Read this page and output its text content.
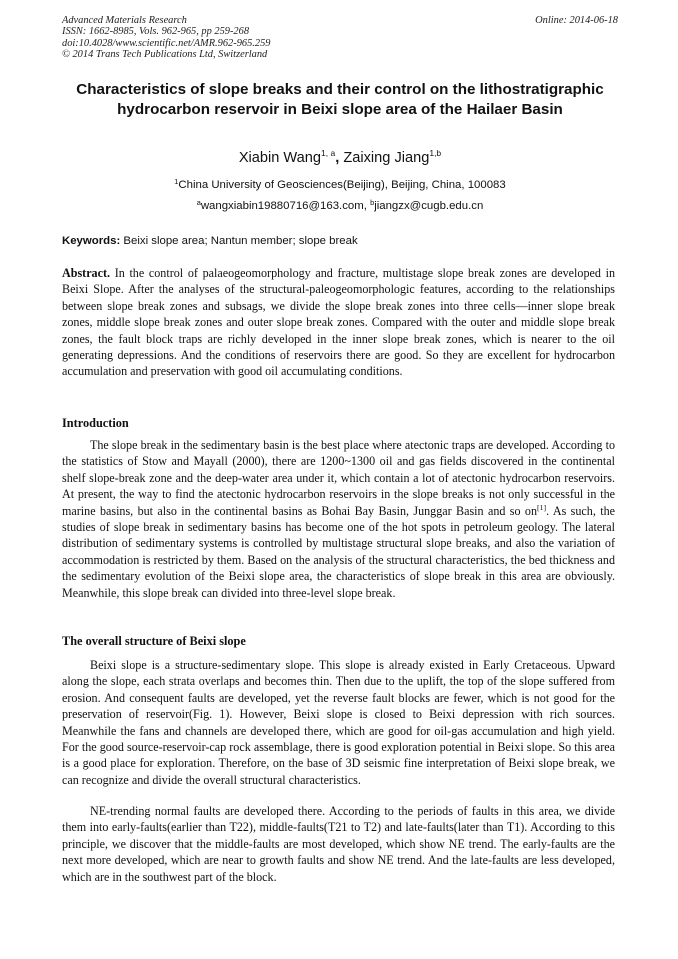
Advanced Materials Research
ISSN: 1662-8985, Vols. 962-965, pp 259-268
doi:10.4028/www.scientific.net/AMR.962-965.259
© 2014 Trans Tech Publications Ltd, Switzerland
Online: 2014-06-18
Characteristics of slope breaks and their control on the lithostratigraphic hydrocarbon reservoir in Beixi slope area of the Hailaer Basin
Xiabin Wang$^{1, a}$, Zaixing Jiang$^{1,b}$
$^1$China University of Geosciences(Beijing), Beijing, China, 100083
$^a$wangxiabin19880716@163.com, $^b$jiangzx@cugb.edu.cn
Keywords: Beixi slope area; Nantun member; slope break
Abstract. In the control of palaeogeomorphology and fracture, multistage slope break zones are developed in Beixi Slope. After the analyses of the structural-paleogeomorphologic features, according to the relationships between slope break zones and subsags, we divide the slope break zones into three cells—inner slope break zones, middle slope break zones and outer slope break zones. Compared with the outer and middle slope break zones, the fault block traps are richly developed in the inner slope break zones, which is nearer to the oil generating depressions. And the conditions of reservoirs there are good. So they are excellent for hydrocarbon accumulation and preservation with good oil accumulating conditions.
Introduction
The slope break in the sedimentary basin is the best place where atectonic traps are developed. According to the statistics of Stow and Mayall (2000), there are 1200~1300 oil and gas fields discovered in the continental shelf slope-break zone and the deep-water area under it, which contain a lot of atectonic hydrocarbon reservoirs. At present, the way to find the atectonic hydrocarbon reservoirs in the slope breaks is not only successful in the marine basins, but also in the continental basins as Bohai Bay Basin, Junggar Basin and so on[1]. As such, the studies of slope break in sedimentary basins has become one of the hot spots in petroleum geology. The lateral distribution of sedimentary systems is controlled by multistage structural slope breaks, and also the variation of accommodation is restricted by them. Based on the analysis of the structural characteristics, the bed thickness and the sedimentary evolution of the Beixi slope area, the characteristics of slope break in this area are obviously. Meanwhile, this slope break can divided into three-level slope break.
The overall structure of Beixi slope
Beixi slope is a structure-sedimentary slope. This slope is already existed in Early Cretaceous. Upward along the slope, each strata overlaps and becomes thin. Then due to the uplift, the top of the slope suffered from erosion. And consequent faults are developed, yet the reverse fault blocks are fewer, which is not good for the preservation of reservoir(Fig. 1). However, Beixi slope is closed to Beixi depression with rich sources. Meanwhile the fans and channels are developed there, which are good for oil-gas accumulation and high yield. For the good source-reservoir-cap rock assemblage, there is good exploration potential in Beixi slope. So this area is a good place for exploration. Therefore, on the base of 3D seismic fine interpretation of Beixi slope break, we can recognize and divide the overall structural characteristics.
NE-trending normal faults are developed there. According to the periods of faults in this area, we divide them into early-faults(earlier than T22), middle-faults(T21 to T2) and late-faults(later than T1). According to this principle, we discover that the middle-faults are most developed, which show NE trend. The early-faults are the next more developed, which are near to growth faults and show NE trend. And the late-faults are less developed, which are in the southwest part of the block.
